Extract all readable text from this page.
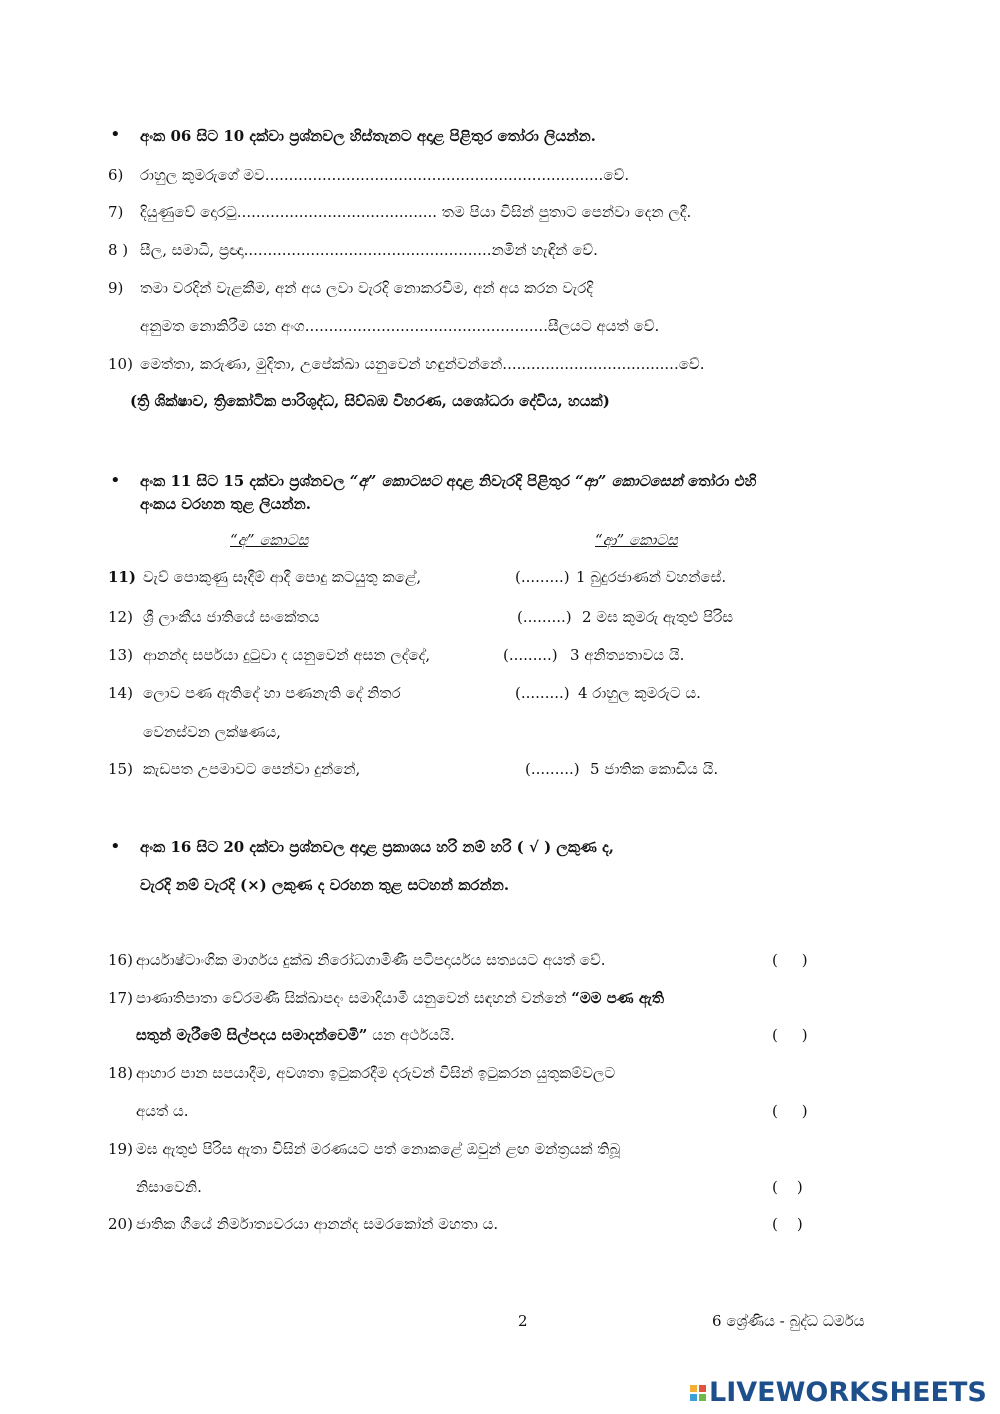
• අංක 06 සිට 10 දක්වා ප්‍රශ්නවල හිස්තැනට අදාළ පිළිතුර තෝරා ලියන්න.
6) රාහුල කුමරුගේ මව.......................................................................වේ.
7) දියුණුවේ දොරටු.......................................... තම පියා විසින් පුතාට පෙන්වා දෙන ලදී.
8 ) සීල, සමාධි, ප්‍රඥා....................................................නමින් හැඳින් වේ.
9) තමා වරදින් වැළකීම, අන් අය ලවා වැරදි නොකරවීම, අන් අය කරන වැරදි
අනුමත නොකිරීම යන අංග...................................................සීලයට අයත් වේ.
10) මෙත්තා, කරුණා, මුදිතා, උපේක්ඛා යනුවෙන් හඳුන්වන්නේ.....................................වේ.
(ත්‍රි ශික්ෂාව, ත්‍රිකෝටික පාරිශුද්ධ, සිව්බඹ විහරණ, යශෝධරා දේවිය, හයක්)
• අංක 11 සිට 15 දක්වා ප්‍රශ්නවල “අ” කොටසට අදාළ නිවැරදි පිළිතුර “ආ” කොටසෙන් තෝරා එහි
අංකය වරහන තුළ ලියන්න.
“අ” කොටස	“ආ” කොටස
11) වැව් පොකුණු සෑදීම් ආදී පොදු කටයුතු කළේ,	(.........) 1 බුදුරජාණන් වහන්සේ.
12) ශ්‍රී ලාංකීය ජාතියේ සංකේතය	(.........) 2 මඝ කුමරු ඇතුළු පිරිස
13) ආනන්ද සර්පයා දුටුවා ද යනුවෙන් අසන ලද්දේ,	(.........) 3 අනිත්‍යතාවය යි.
14) ලොව පණ ඇතිදේ හා පණනැති දේ නිතර	(.........) 4 රාහුල කුමරුට ය.
වෙනස්වන ලක්ෂණය,
15) කැඩපත උපමාවට පෙන්වා දුන්නේ,	(.........) 5 ජාතික කොඩිය යි.
• අංක 16 සිට 20 දක්වා ප්‍රශ්නවල අදාළ ප්‍රකාශය හරි නම් හරි ( √ ) ලකුණ ද,
වැරදි නම් වැරදි (×) ලකුණ ද වරහන තුළ සටහන් කරන්න.
16) ආර්යාෂ්ටාංගික මාර්ගය දුක්ඛ නිරෝධගාමිණී පටිපදාර්යය සත්‍යයට අයත් වේ.	(     )
17) පාණාතිපාතා වේරමණී සික්ඛාපදං සමාදියාමි යනුවෙන් සඳහන් වන්නේ “මම පණ ඇති
සතුන් මැරීමේ සිල්පදය සමාදන්වෙමි” යන අර්ථයයි.	(     )
18) ආහාර පාන සපයාදීම, අවශතා ඉටුකරදීම දරුවන් විසින් ඉටුකරන යුතුකම්වලට
අයත් ය.	(     )
19) මඝ ඇතුළු පිරිස ඇතා විසින් මරණයට පත් නොකළේ ඔවුන් ළඟ මන්ත්‍රයක් තිබූ
නිසාවෙනි.	(    )
20) ජාතික ගීයේ නිර්මාත්‍යවරයා ආනන්ද සමරකෝන් මහතා ය.	(    )
2	6 ශ්‍රේණිය - බුද්ධ ධර්මය
LIVEWORKSHEETS
